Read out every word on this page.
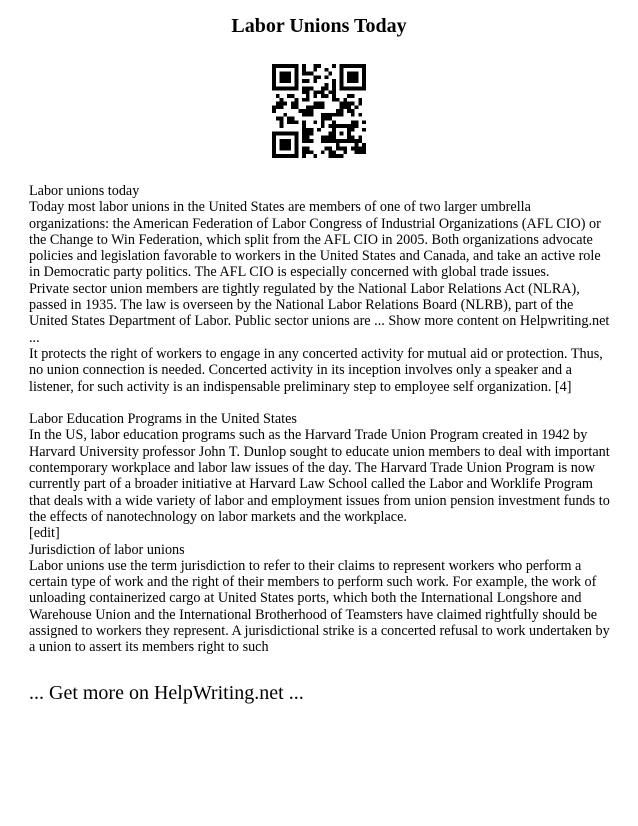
Labor Unions Today
Labor unions today
Today most labor unions in the United States are members of one of two larger umbrella
organizations: the American Federation of Labor Congress of Industrial Organizations (AFL CIO) or
the Change to Win Federation, which split from the AFL CIO in 2005. Both organizations advocate
policies and legislation favorable to workers in the United States and Canada, and take an active role
in Democratic party politics. The AFL CIO is especially concerned with global trade issues.
Private sector union members are tightly regulated by the National Labor Relations Act (NLRA),
passed in 1935. The law is overseen by the National Labor Relations Board (NLRB), part of the
United States Department of Labor. Public sector unions are ... Show more content on Helpwriting.net
...
It protects the right of workers to engage in any concerted activity for mutual aid or protection. Thus,
no union connection is needed. Concerted activity in its inception involves only a speaker and a
listener, for such activity is an indispensable preliminary step to employee self organization. [4]
Labor Education Programs in the United States
In the US, labor education programs such as the Harvard Trade Union Program created in 1942 by
Harvard University professor John T. Dunlop sought to educate union members to deal with important
contemporary workplace and labor law issues of the day. The Harvard Trade Union Program is now
currently part of a broader initiative at Harvard Law School called the Labor and Worklife Program
that deals with a wide variety of labor and employment issues from union pension investment funds to
the effects of nanotechnology on labor markets and the workplace.
[edit]
Jurisdiction of labor unions
Labor unions use the term jurisdiction to refer to their claims to represent workers who perform a
certain type of work and the right of their members to perform such work. For example, the work of
unloading containerized cargo at United States ports, which both the International Longshore and
Warehouse Union and the International Brotherhood of Teamsters have claimed rightfully should be
assigned to workers they represent. A jurisdictional strike is a concerted refusal to work undertaken by
a union to assert its members right to such
... Get more on HelpWriting.net ...
